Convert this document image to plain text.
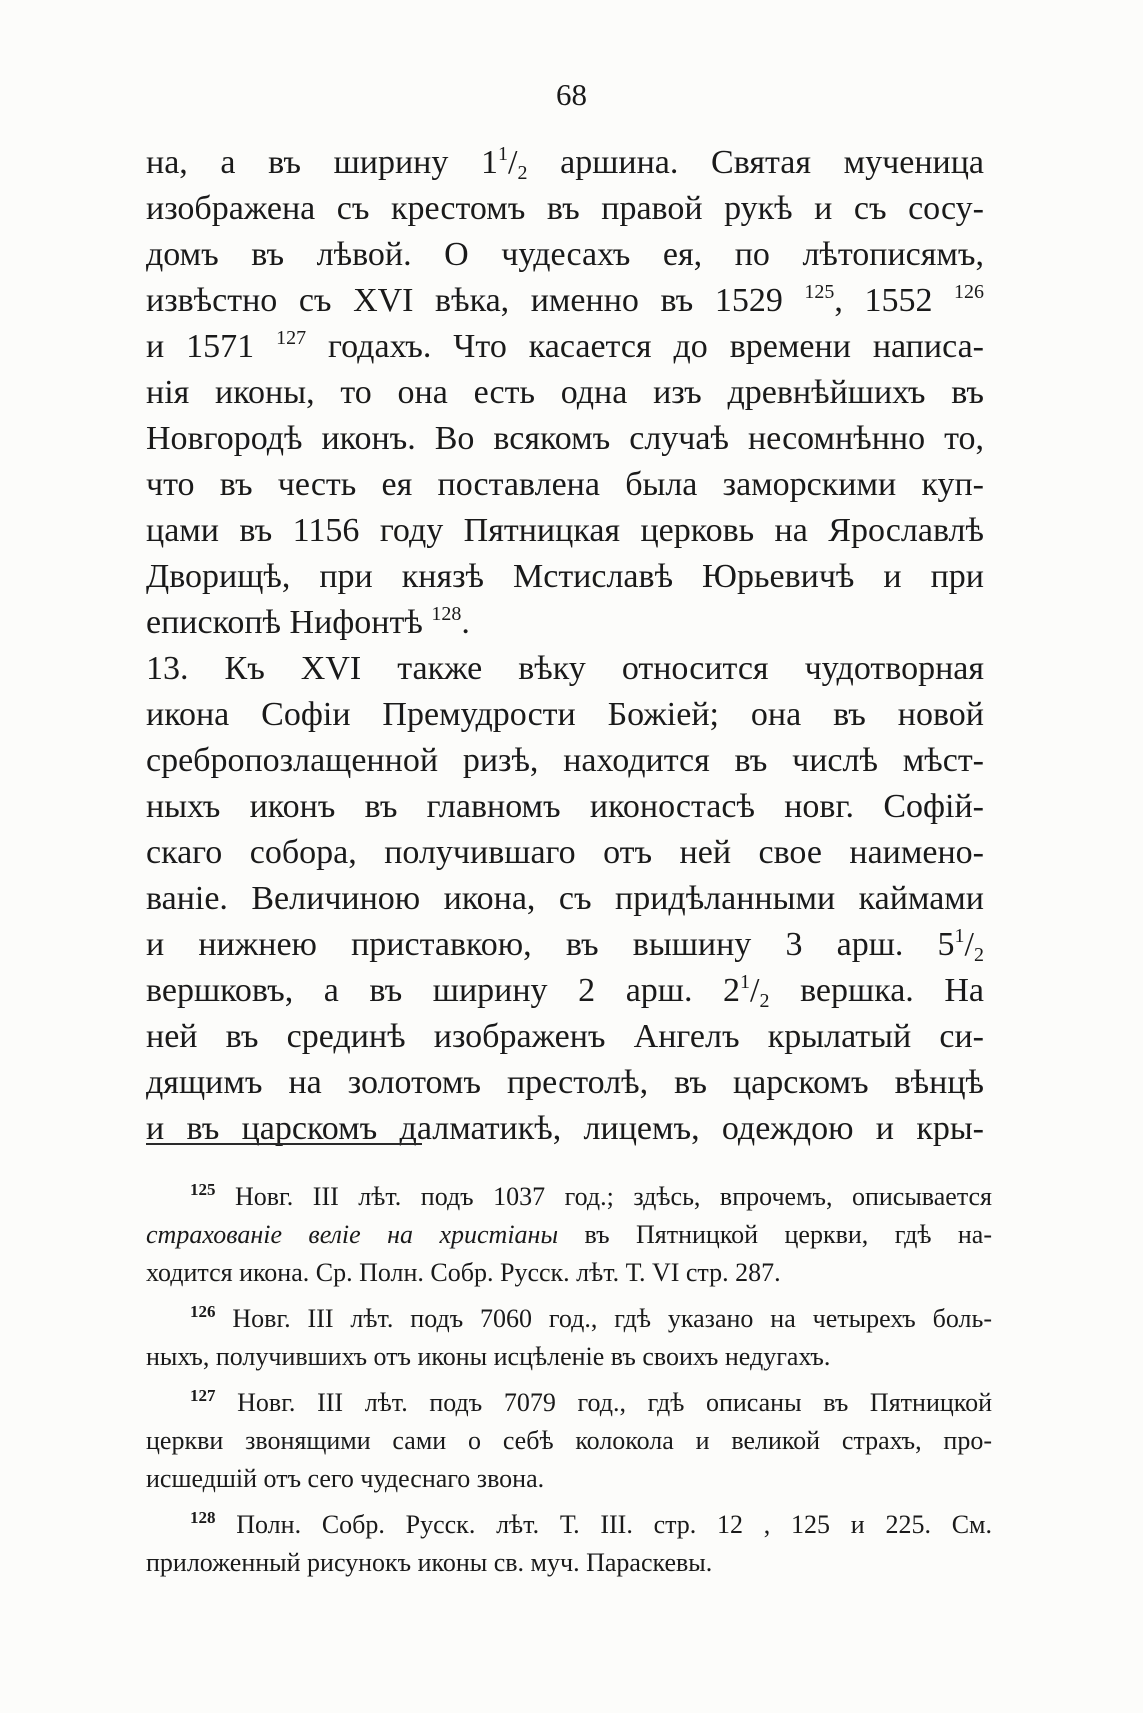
68
на, а въ ширину $1^1/_2$ аршина. Святая мученица
изображена съ крестомъ въ правой рукѣ и съ сосу-
домъ въ лѣвой. О чудесахъ ея, по лѣтописямъ,
извѣстно съ XVI вѣка, именно въ 1529 $^{125}$, 1552 $^{126}$
и 1571 $^{127}$ годахъ. Что касается до времени написа-
нія иконы, то она есть одна изъ древнѣйшихъ въ
Новгородѣ иконъ. Во всякомъ случаѣ несомнѣнно то,
что въ честь ея поставлена была заморскими куп-
цами въ 1156 году Пятницкая церковь на Ярославлѣ
Дворищѣ, при князѣ Мстиславѣ Юрьевичѣ и при
епископѣ Нифонтѣ $^{128}$.
13. Къ XVI также вѣку относится чудотворная
икона Софіи Премудрости Божіей; она въ новой
сребропозлащенной ризѣ, находится въ числѣ мѣст-
ныхъ иконъ въ главномъ иконостасѣ новг. Софій-
скаго собора, получившаго отъ ней свое наимено-
ваніе. Величиною икона, съ придѣланными каймами
и нижнею приставкою, въ вышину 3 арш. $5^1/_2$
вершковъ, а въ ширину 2 арш. $2^1/_2$ вершка. На
ней въ срединѣ изображенъ Ангелъ крылатый си-
дящимъ на золотомъ престолѣ, въ царскомъ вѣнцѣ
и въ царскомъ далматикѣ, лицемъ, одеждою и кры-
$^{125}$ Новг. III лѣт. подъ 1037 год.; здѣсь, впрочемъ, описывается
страхованіе веліе на христіаны въ Пятницкой церкви, гдѣ на-
ходится икона. Ср. Полн. Собр. Русск. лѣт. Т. VI стр. 287.
$^{126}$ Новг. III лѣт. подъ 7060 год., гдѣ указано на четырехъ боль-
ныхъ, получившихъ отъ иконы исцѣленіе въ своихъ недугахъ.
$^{127}$ Новг. III лѣт. подъ 7079 год., гдѣ описаны въ Пятницкой
церкви звонящими сами о себѣ колокола и великой страхъ, про-
исшедшій отъ сего чудеснаго звона.
$^{128}$ Полн. Собр. Русск. лѣт. Т. III. стр. 12 , 125 и 225. См.
приложенный рисунокъ иконы св. муч. Параскевы.
